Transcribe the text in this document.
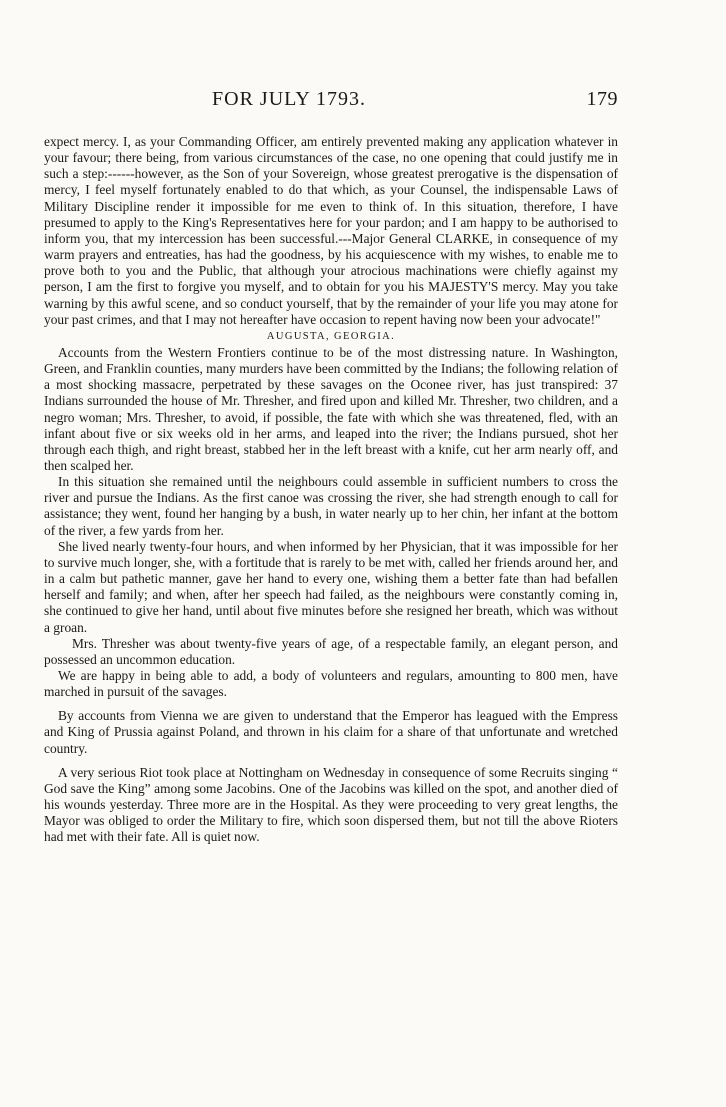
FOR JULY 1793.	179

expect mercy. I, as your Commanding Officer, am entirely prevented making any application whatever in your favour; there being, from various circumstances of the case, no one opening that could justify me in such a step:------however, as the Son of your Sovereign, whose greatest prerogative is the dispensation of mercy, I feel myself fortunately enabled to do that which, as your Counsel, the indispensable Laws of Military Discipline render it impossible for me even to think of. In this situation, therefore, I have presumed to apply to the King's Representatives here for your pardon; and I am happy to be authorised to inform you, that my intercession has been successful.---Major General CLARKE, in consequence of my warm prayers and entreaties, has had the goodness, by his acquiescence with my wishes, to enable me to prove both to you and the Public, that although your atrocious machinations were chiefly against my person, I am the first to forgive you myself, and to obtain for you his MAJESTY'S mercy. May you take warning by this awful scene, and so conduct yourself, that by the remainder of your life you may atone for your past crimes, and that I may not hereafter have occasion to repent having now been your advocate!"

AUGUSTA, GEORGIA.

Accounts from the Western Frontiers continue to be of the most distressing nature. In Washington, Green, and Franklin counties, many murders have been committed by the Indians; the following relation of a most shocking massacre, perpetrated by these savages on the Oconee river, has just transpired: 37 Indians surrounded the house of Mr. Thresher, and fired upon and killed Mr. Thresher, two children, and a negro woman; Mrs. Thresher, to avoid, if possible, the fate with which she was threatened, fled, with an infant about five or six weeks old in her arms, and leaped into the river; the Indians pursued, shot her through each thigh, and right breast, stabbed her in the left breast with a knife, cut her arm nearly off, and then scalped her.

In this situation she remained until the neighbours could assemble in sufficient numbers to cross the river and pursue the Indians. As the first canoe was crossing the river, she had strength enough to call for assistance; they went, found her hanging by a bush, in water nearly up to her chin, her infant at the bottom of the river, a few yards from her.

She lived nearly twenty-four hours, and when informed by her Physician, that it was impossible for her to survive much longer, she, with a fortitude that is rarely to be met with, called her friends around her, and in a calm but pathetic manner, gave her hand to every one, wishing them a better fate than had befallen herself and family; and when, after her speech had failed, as the neighbours were constantly coming in, she continued to give her hand, until about five minutes before she resigned her breath, which was without a groan.

Mrs. Thresher was about twenty-five years of age, of a respectable family, an elegant person, and possessed an uncommon education.

We are happy in being able to add, a body of volunteers and regulars, amounting to 800 men, have marched in pursuit of the savages.

By accounts from Vienna we are given to understand that the Emperor has leagued with the Empress and King of Prussia against Poland, and thrown in his claim for a share of that unfortunate and wretched country.

A very serious Riot took place at Nottingham on Wednesday in consequence of some Recruits singing “ God save the King” among some Jacobins. One of the Jacobins was killed on the spot, and another died of his wounds yesterday. Three more are in the Hospital. As they were proceeding to very great lengths, the Mayor was obliged to order the Military to fire, which soon dispersed them, but not till the above Rioters had met with their fate. All is quiet now.
